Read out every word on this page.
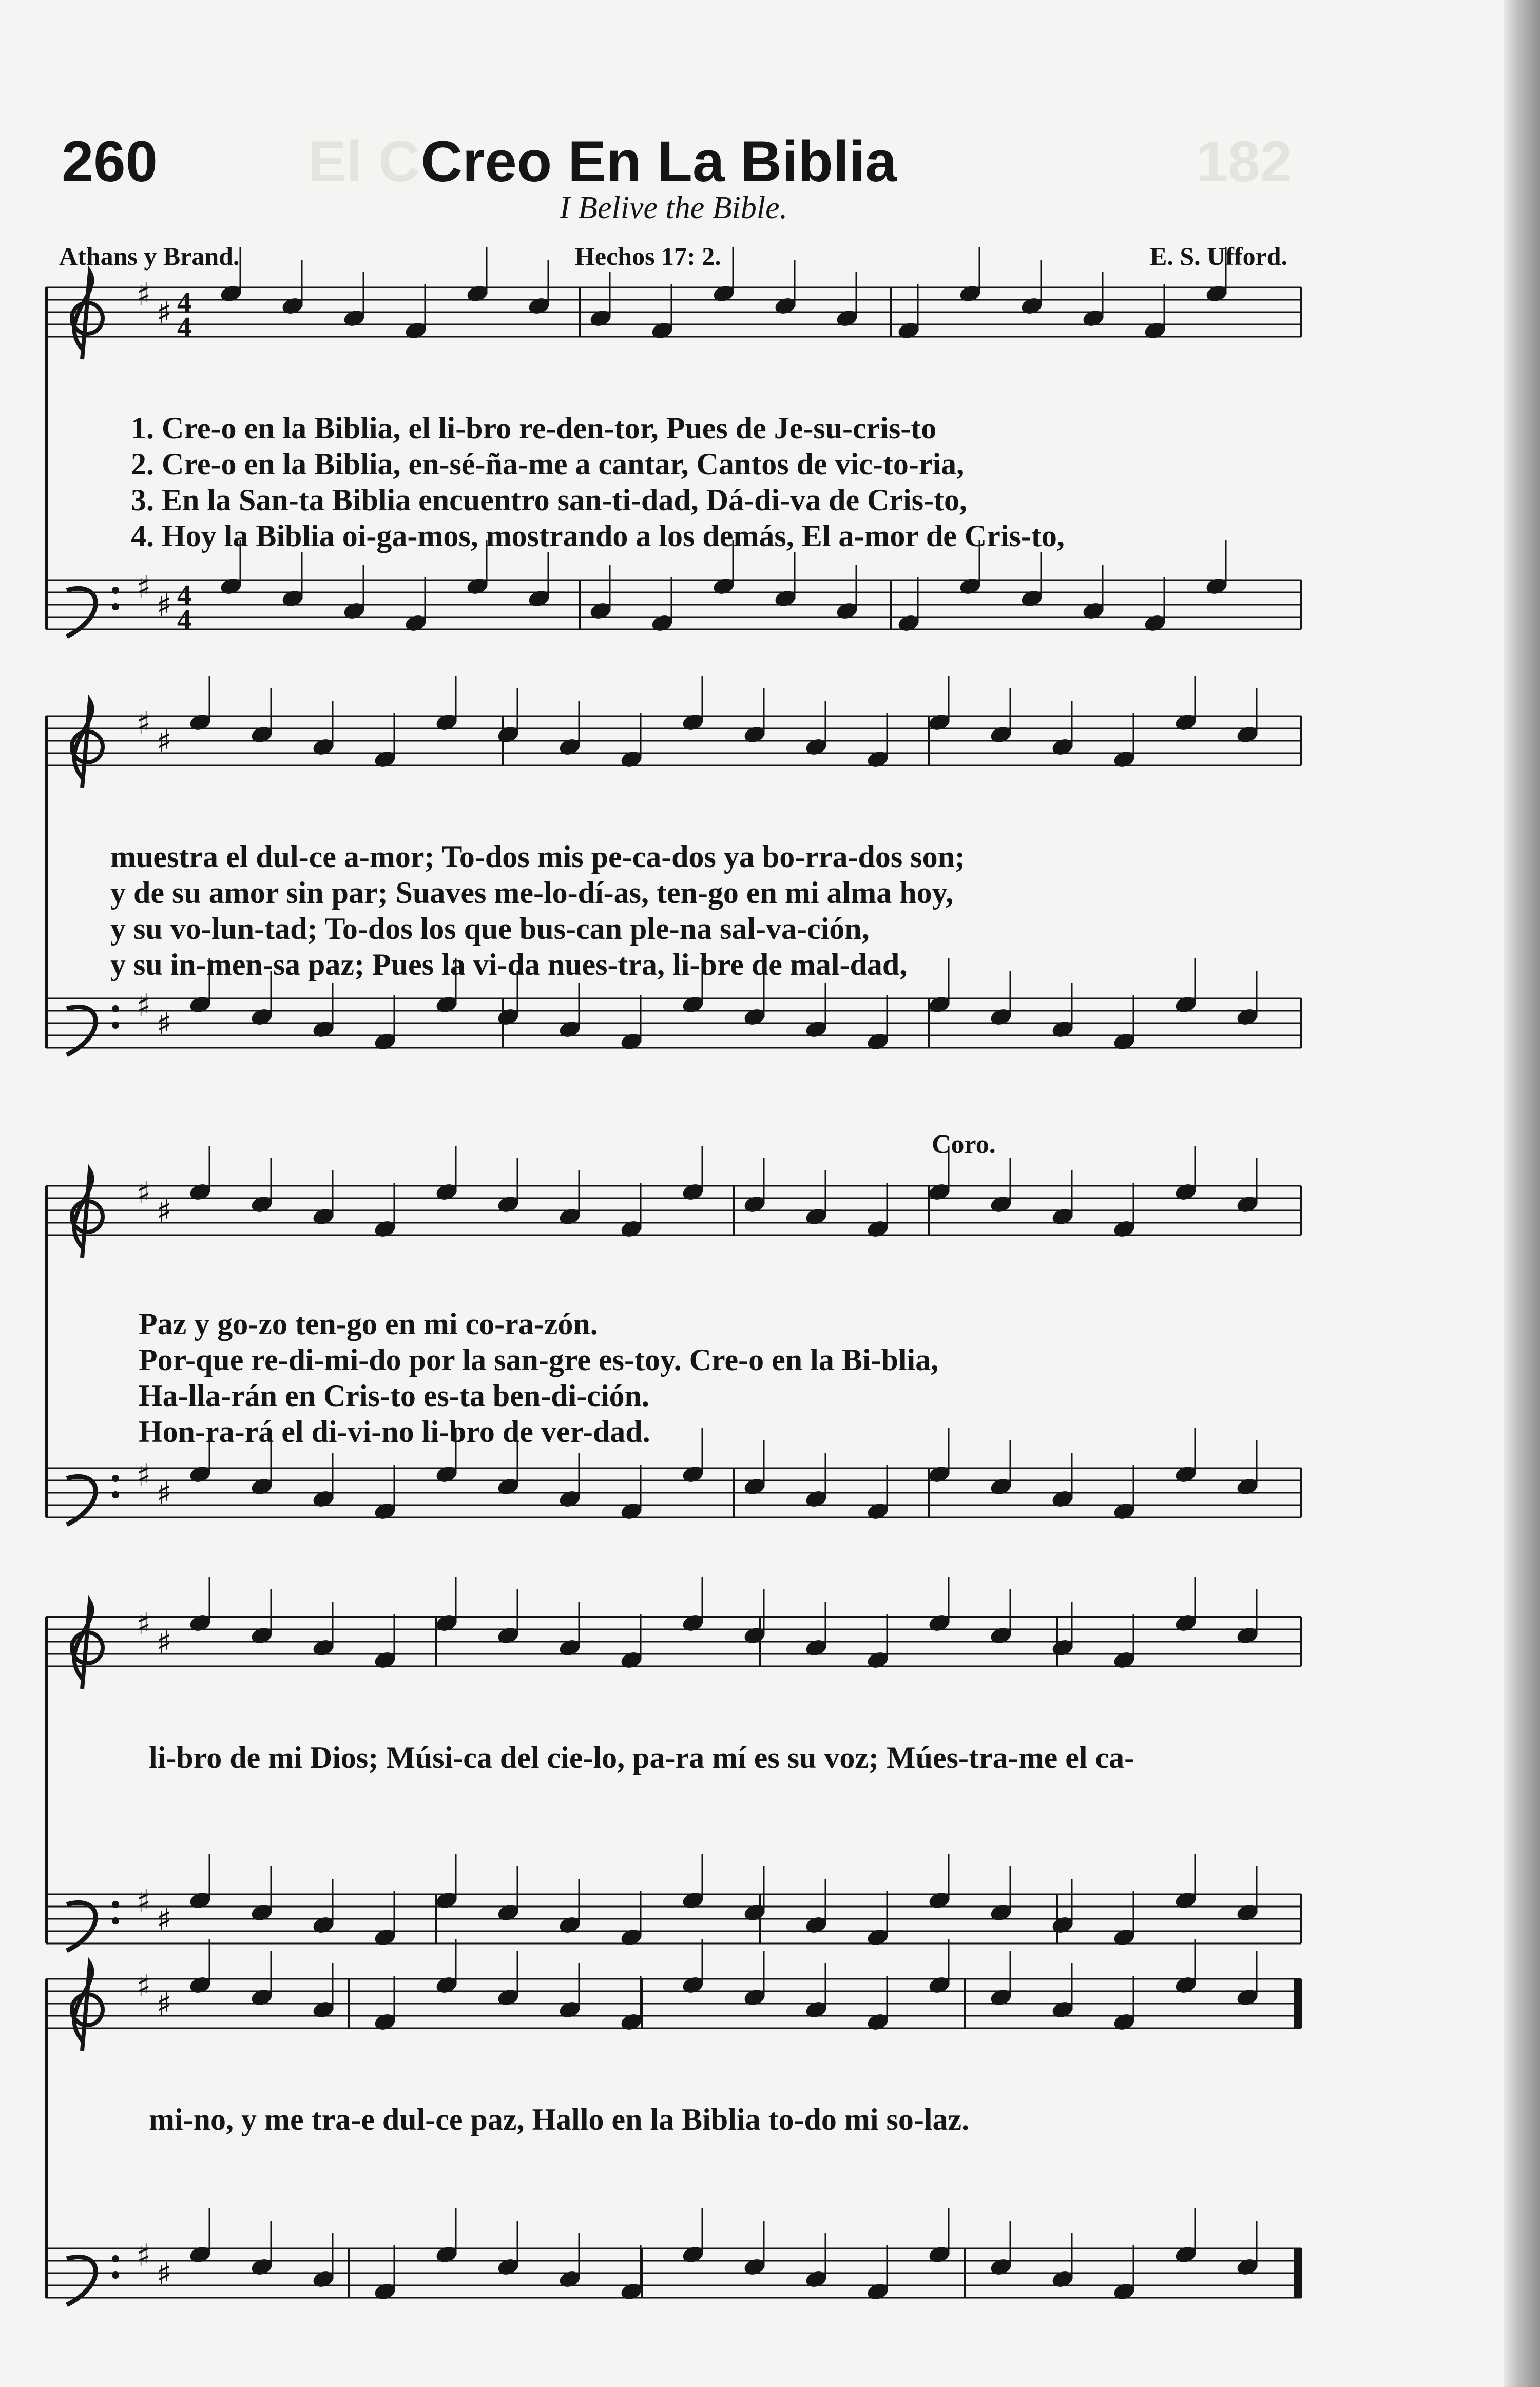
El C	182
260	Creo En La Biblia
I Belive the Bible.
Athans y Brand.	Hechos 17: 2.	E. S. Ufford.
Coro.
♯
♯ 4
4
♯
♯ 4
4
♯
♯
♯
♯
♯
♯
♯
♯
♯
♯
♯
♯
♯
♯
♯
♯
1. Cre-o en la Biblia, el li-bro re-den-tor, Pues de Je-su-cris-to
2. Cre-o en la Biblia, en-sé-ña-me a cantar, Cantos de vic-to-ria,
3. En la San-ta Biblia encuentro san-ti-dad, Dá-di-va de Cris-to,
4. Hoy la Biblia oi-ga-mos, mostrando a los demás, El a-mor de Cris-to,
muestra el dul-ce a-mor; To-dos mis pe-ca-dos ya bo-rra-dos son;
y de su amor sin par; Suaves me-lo-dí-as, ten-go en mi alma hoy,
y su vo-lun-tad; To-dos los que bus-can ple-na sal-va-ción,
y su in-men-sa paz; Pues la vi-da nues-tra, li-bre de mal-dad,
Paz y go-zo ten-go en mi co-ra-zón.
Por-que re-di-mi-do por la san-gre es-toy. Cre-o en la Bi-blia,
Ha-lla-rán en Cris-to es-ta ben-di-ción.
Hon-ra-rá el di-vi-no li-bro de ver-dad.
li-bro de mi Dios; Músi-ca del cie-lo, pa-ra mí es su voz; Múes-tra-me el ca-
mi-no, y me tra-e dul-ce paz, Hallo en la Biblia to-do mi so-laz.
